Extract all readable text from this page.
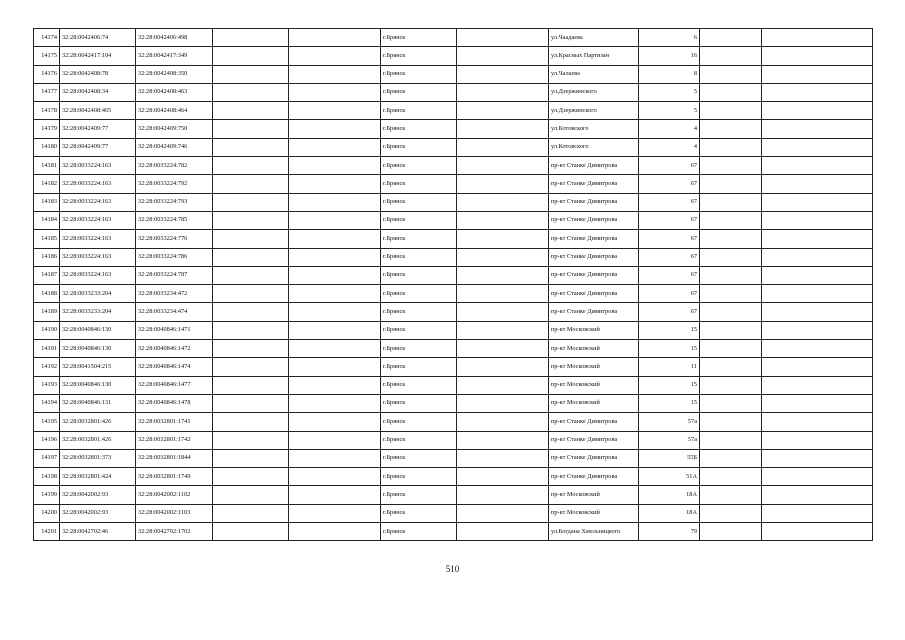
14174	32:28:0042406:74	32:28:0042406:498			г.Брянск		ул.Чаадаева	6		
14175	32:28:0042417:104	32:28:0042417:349			г.Брянск		ул.Красных Партизан	16		
14176	32:28:0042408:78	32:28:0042408:350			г.Брянск		ул.Чалаева	8		
14177	32:28:0042408:34	32:28:0042408:463			г.Брянск		ул.Дзержинского	5		
14178	32:28:0042408:465	32:28:0042408:464			г.Брянск		ул.Дзержинского	5		
14179	32:28:0042409:77	32:28:0042409:750			г.Брянск		ул.Котовского	4		
14180	32:28:0042409:77	32:28:0042409:746			г.Брянск		ул.Котовского	4		
14181	32:28:0033224:163	32:28:0033224:782			г.Брянск		пр-кт Станке Димитрова	67		
14182	32:28:0033224:163	32:28:0033224:792			г.Брянск		пр-кт Станке Димитрова	67		
14183	32:28:0033224:163	32:28:0033224:793			г.Брянск		пр-кт Станке Димитрова	67		
14184	32:28:0033224:163	32:28:0033224:785			г.Брянск		пр-кт Станке Димитрова	67		
14185	32:28:0033224:163	32:28:0033224:776			г.Брянск		пр-кт Станке Димитрова	67		
14186	32:28:0033224:163	32:28:0033224:786			г.Брянск		пр-кт Станке Димитрова	67		
14187	32:28:0033224:163	32:28:0033224:787			г.Брянск		пр-кт Станке Димитрова	67		
14188	32:28:0033233:204	32:28:0033234:472			г.Брянск		пр-кт Станке Димитрова	67		
14189	32:28:0033233:204	32:28:0033234:474			г.Брянск		пр-кт Станке Димитрова	67		
14190	32:28:0040846:130	32:28:0040846:1471			г.Брянск		пр-кт Московский	15		
14191	32:28:0040846:130	32:28:0040846:1472			г.Брянск		пр-кт Московский	15		
14192	32:28:0041504:215	32:28:0040846:1474			г.Брянск		пр-кт Московский	11		
14193	32:28:0040846:130	32:28:0040846:1477			г.Брянск		пр-кт Московский	15		
14194	32:28:0040846:131	32:28:0040846:1478			г.Брянск		пр-кт Московский	15		
14195	32:28:0032801:426	32:28:0032801:1741			г.Брянск		пр-кт Станке Димитрова	57а		
14196	32:28:0032801:426	32:28:0032801:1742			г.Брянск		пр-кт Станке Димитрова	57а		
14197	32:28:0032801:373	32:28:0032801:1844			г.Брянск		пр-кт Станке Димитрова	55Б		
14198	32:28:0032801:424	32:28:0032801:1749			г.Брянск		пр-кт Станке Димитрова	51А		
14199	32:28:0042002:93	32:28:0042002:1102			г.Брянск		пр-кт Московский	18А		
14200	32:28:0042002:93	32:28:0042002:1103			г.Брянск		пр-кт Московский	18А		
14201	32:28:0042702:46	32:28:0042702:1702			г.Брянск		ул.Богдана Хмельницкого	79		
510
